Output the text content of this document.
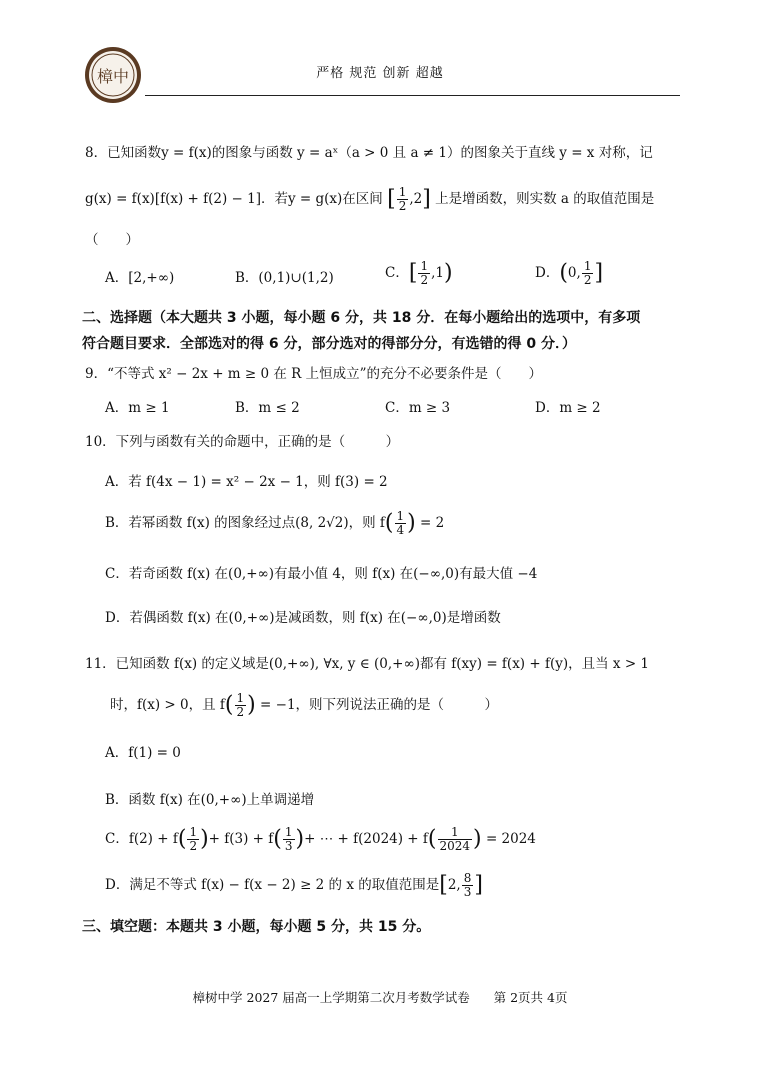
樟中	严格 规范 创新 超越
8．已知函数y = f(x)的图象与函数 y = aˣ（a > 0 且 a ≠ 1）的图象关于直线 y = x 对称，记
g(x) = f(x)[f(x) + f(2) − 1]．若y = g(x)在区间 [ $\frac{1}{2} ,2$] 上是增函数，则实数 a 的取值范围是
（　　）
A．[2,+∞)	B．(0,1)∪(1,2)	C．[ $\frac{1}{2} ,1$)	D．(0, $\frac{1}{2}$ ]
二、选择题（本大题共 3 小题，每小题 6 分，共 18 分．在每小题给出的选项中，有多项
符合题目要求．全部选对的得 6 分，部分选对的得部分分，有选错的得 0 分．）
9．“不等式 x² − 2x + m ≥ 0 在 R 上恒成立”的充分不必要条件是（　　）
A．m ≥ 1	B．m ≤ 2	C．m ≥ 3	D．m ≥ 2
10．下列与函数有关的命题中，正确的是（　　　）
A．若 f(4x − 1) = x² − 2x − 1，则 f(3) = 2
B．若幂函数 f(x) 的图象经过点(8, 2√2)，则 $f( \frac{1}{4}$ ) = 2
C．若奇函数 f(x) 在(0,+∞)有最小值 4，则 f(x) 在(−∞,0)有最大值 −4
D．若偶函数 f(x) 在(0,+∞)是减函数，则 f(x) 在(−∞,0)是增函数
11．已知函数 f(x) 的定义域是(0,+∞), ∀x, y ∈ (0,+∞)都有 f(xy) = f(x) + f(y)，且当 x > 1
时，f(x) > 0，且 $f( \frac{1}{2}$ ) = −1，则下列说法正确的是（　　　）
A．f(1) = 0
B．函数 f(x) 在(0,+∞)上单调递增
C．$f(2) + f( \frac{1}{2}$ )+ $f(3) + f( \frac{1}{3}$ )+ ⋯ + $f(2024) + f( \frac{1}{2024}$ ) = 2024
D．满足不等式 f(x) − f(x − 2) ≥ 2 的 x 的取值范围是[2, $\frac{8}{3}$ ]
三、填空题：本题共 3 小题，每小题 5 分，共 15 分。
樟树中学 2027 届高一上学期第二次月考数学试卷 第 2页共 4页
